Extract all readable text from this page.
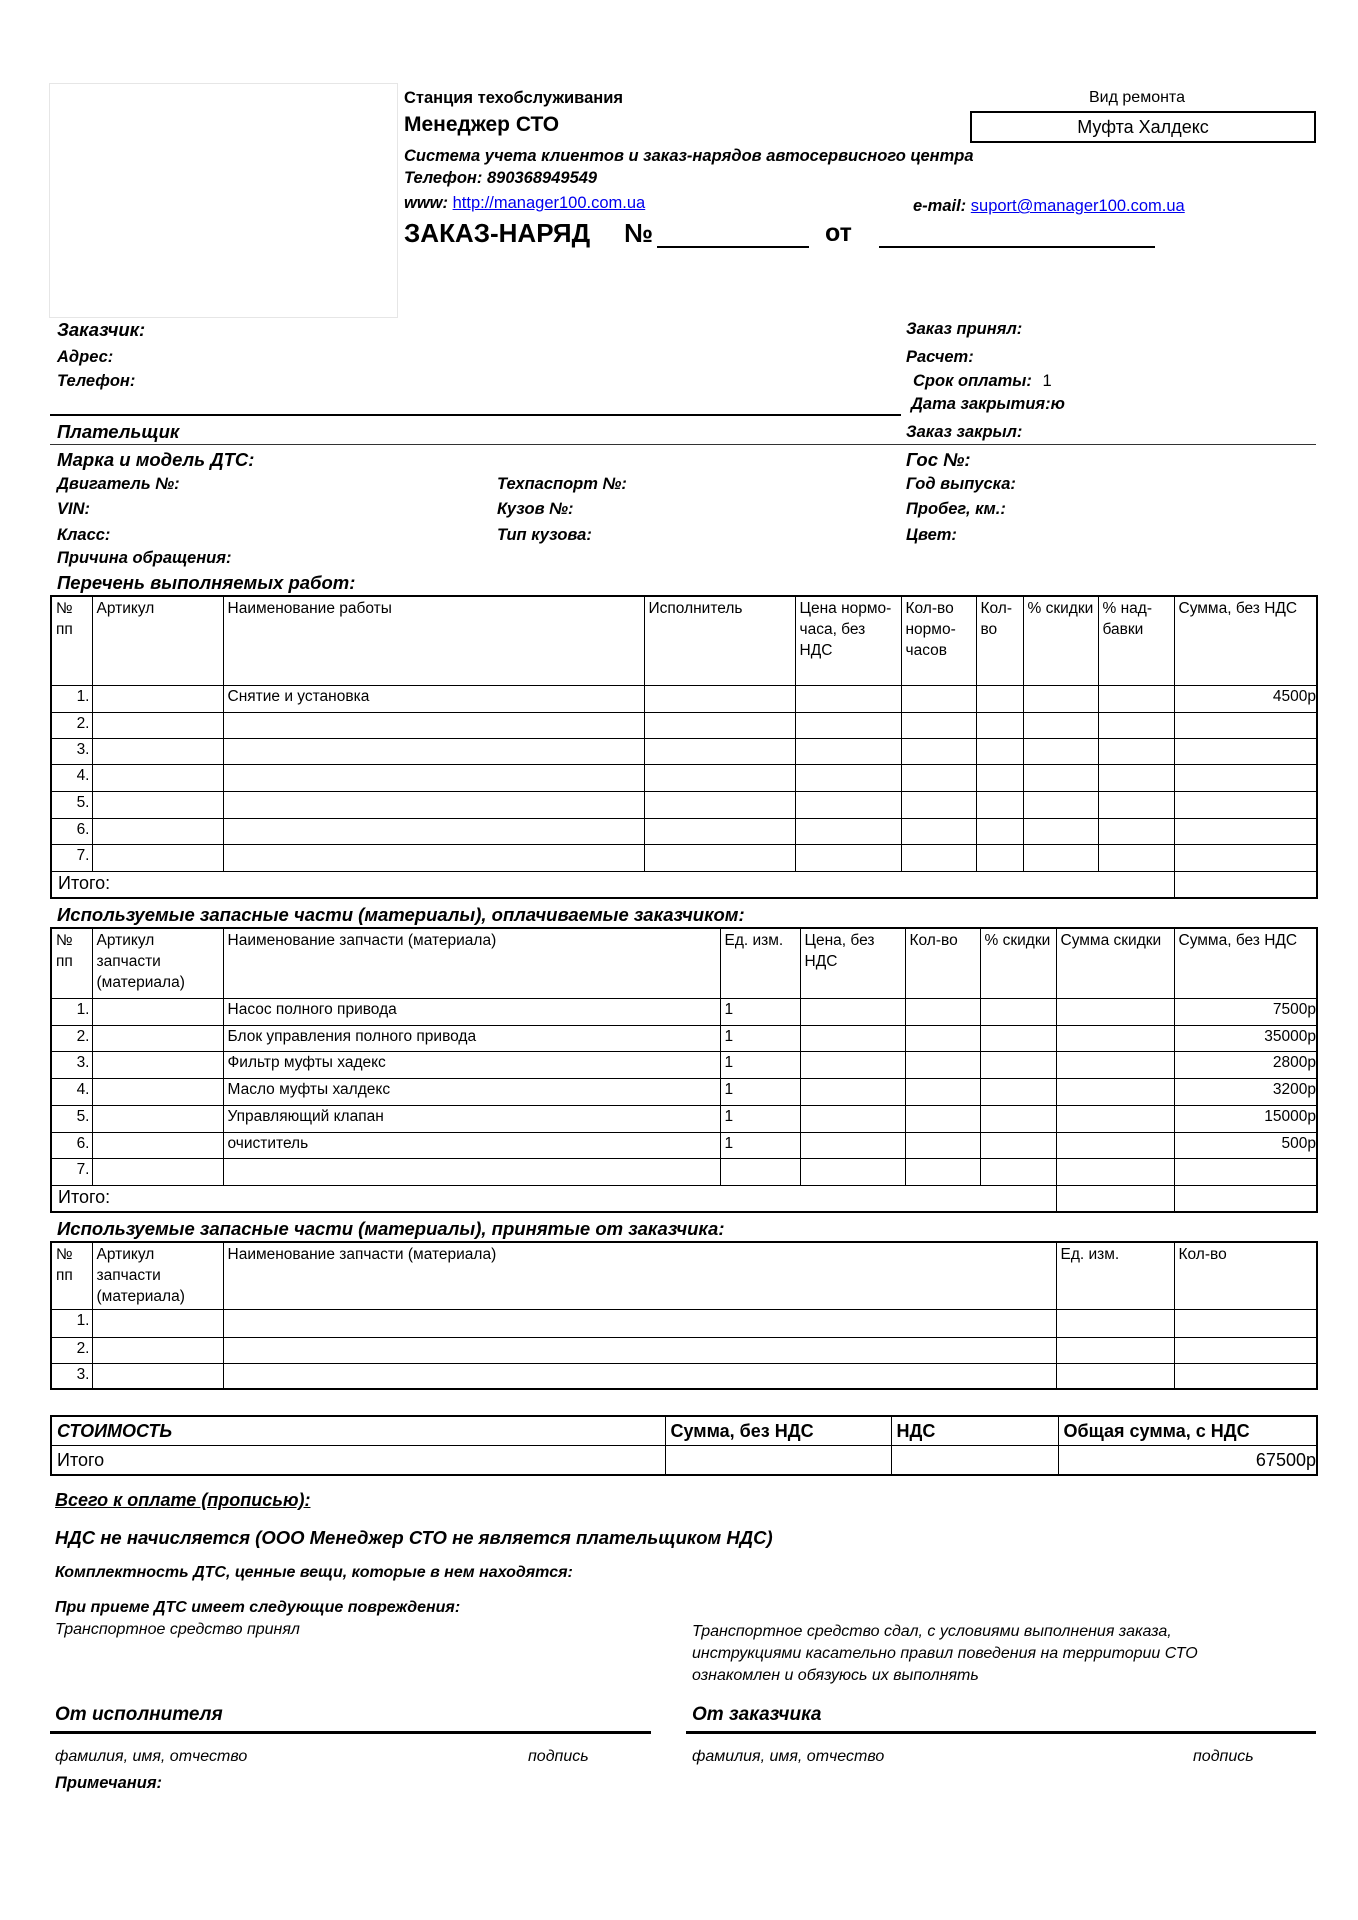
Станция техобслуживания
Менеджер СТО
Система учета клиентов и заказ-нарядов автосервисного центра
Телефон: 890368949549
www: http://manager100.com.ua	e-mail: suport@manager100.com.ua
Вид ремонта
Муфта Халдекс
ЗАКАЗ-НАРЯД №	от
Заказчик:
Адрес:
Телефон:
Плательщик
Заказ принял:
Расчет:
Срок оплаты: 1
Дата закрытия:ю
Заказ закрыл:
Марка и модель ДТС:	Гос №:
Двигатель №:	Техпаспорт №:	Год выпуска:
VIN:	Кузов №:	Пробег, км.:
Класс:	Тип кузова:	Цвет:
Причина обращения:
Перечень выполняемых работ:
№ пп	Артикул	Наименование работы	Исполнитель	Цена нормо-часа, без НДС	Кол-во нормо-часов	Кол-во	% скидки	% над-бавки	Сумма, без НДС
1.		Снятие и установка							4500р
2.									
3.									
4.									
5.									
6.									
7.									
Итого:									
Используемые запасные части (материалы), оплачиваемые заказчиком:
№ пп	Артикул запчасти (материала)	Наименование запчасти (материала)	Ед. изм.	Цена, без НДС	Кол-во	% скидки	Сумма скидки	Сумма, без НДС
1.		Насос полного привода	1					7500р
2.		Блок управления полного привода	1					35000р
3.		Фильтр муфты хадекс	1					2800р
4.		Масло муфты халдекс	1					3200р
5.		Управляющий клапан	1					15000р
6.		очиститель	1					500р
7.								
Итого:								
Используемые запасные части (материалы), принятые от заказчика:
№ пп	Артикул запчасти (материала)	Наименование запчасти (материала)	Ед. изм.	Кол-во
1.				
2.				
3.				
СТОИМОСТЬ	Сумма, без НДС	НДС	Общая сумма, с НДС
Итого			67500р
Всего к оплате (прописью):
НДС не начисляется (ООО Менеджер СТО не является плательщиком НДС)
Комплектность ДТС, ценные вещи, которые в нем находятся:
При приеме ДТС имеет следующие повреждения:
Транспортное средство принял	Транспортное средство сдал, с условиями выполнения заказа,
инструкциями касательно правил поведения на территории СТО
ознакомлен и обязуюсь их выполнять
От исполнителя	От заказчика
фамилия, имя, отчество	подпись	фамилия, имя, отчество	подпись
Примечания:
